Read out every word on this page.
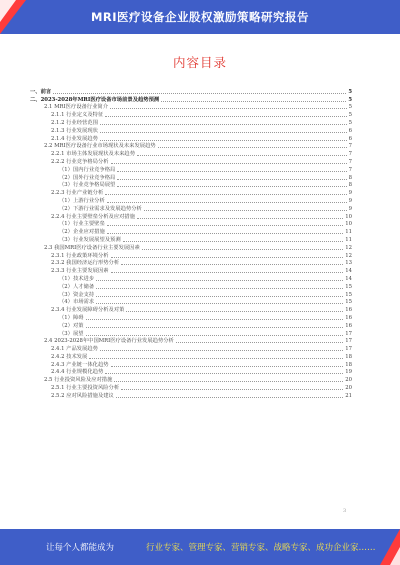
MRI医疗设备企业股权激励策略研究报告
内容目录
一、前言	5
二、2023-2028年MRI医疗设备市场前景及趋势预测	5
2.1 MRI医疗设备行业简介	5
2.1.1 行业定义及特征	5
2.1.2 行业经营范围	5
2.1.3 行业发展现状	6
2.1.4 行业发展趋势	6
2.2 MRI医疗设备行业市场现状及未来发展趋势	7
2.2.1 市场主体发展现状及未来趋势	7
2.2.2 行业竞争格局分析	7
（1）国内行业竞争格局	7
（2）国外行业竞争格局	8
（3）行业竞争格局展望	8
2.2.3 行业产业链分析	9
（1）上游行业分析	9
（2）下游行业需求及发展趋势分析	9
2.2.4 行业主要壁垒分析及应对措施	10
（1）行业主要壁垒	10
（2）企业应对措施	11
（3）行业发展展望及预测	11
2.3 我国MRI医疗设备行业主要发展因素	12
2.3.1 行业政策环境分析	12
2.3.2 我国经济运行形势分析	13
2.3.3 行业主要发展因素	14
（1）技术进步	14
（2）人才储备	15
（3）资金支持	15
（4）市场需求	15
2.3.4 行业发展障碍分析及对策	16
（1）障碍	16
（2）对策	16
（3）展望	17
2.4 2023-2028年中国MRI医疗设备行业发展趋势分析	17
2.4.1 产品发展趋势	17
2.4.2 技术发展	18
2.4.3 产业链一体化趋势	18
2.4.4 行业规模化趋势	19
2.5 行业投资风险及应对措施	20
2.5.1 行业主要投资风险分析	20
2.5.2 应对风险措施及建议	21
3
让每个人都能成为	行业专家、管理专家、营销专家、战略专家、成功企业家……
